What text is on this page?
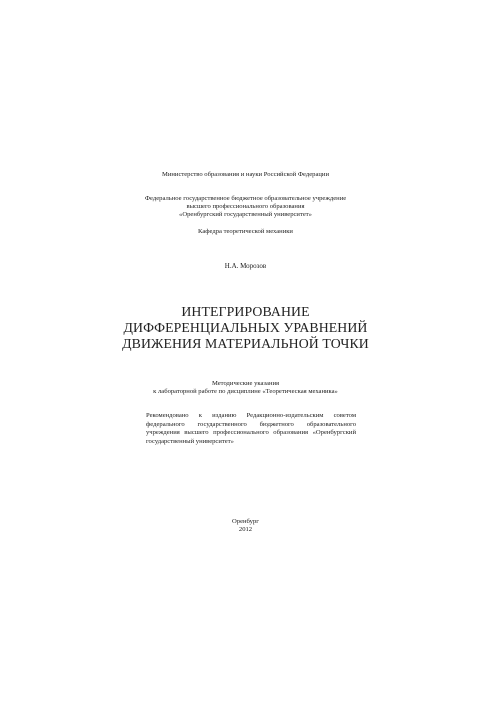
Министерство образования и науки Российской Федерации
Федеральное государственное бюджетное образовательное учреждение
высшего профессионального образования
«Оренбургский государственный университет»
Кафедра теоретической механики
Н.А. Морозов
ИНТЕГРИРОВАНИЕ
ДИФФЕРЕНЦИАЛЬНЫХ УРАВНЕНИЙ
ДВИЖЕНИЯ МАТЕРИАЛЬНОЙ ТОЧКИ
Методические указания
к лабораторной работе по дисциплине «Теоретическая механика»
Рекомендовано к изданию Редакционно-издательским советом
федерального государственного бюджетного образовательного
учреждения высшего профессионального образования «Оренбургский
государственный университет»
Оренбург
2012
